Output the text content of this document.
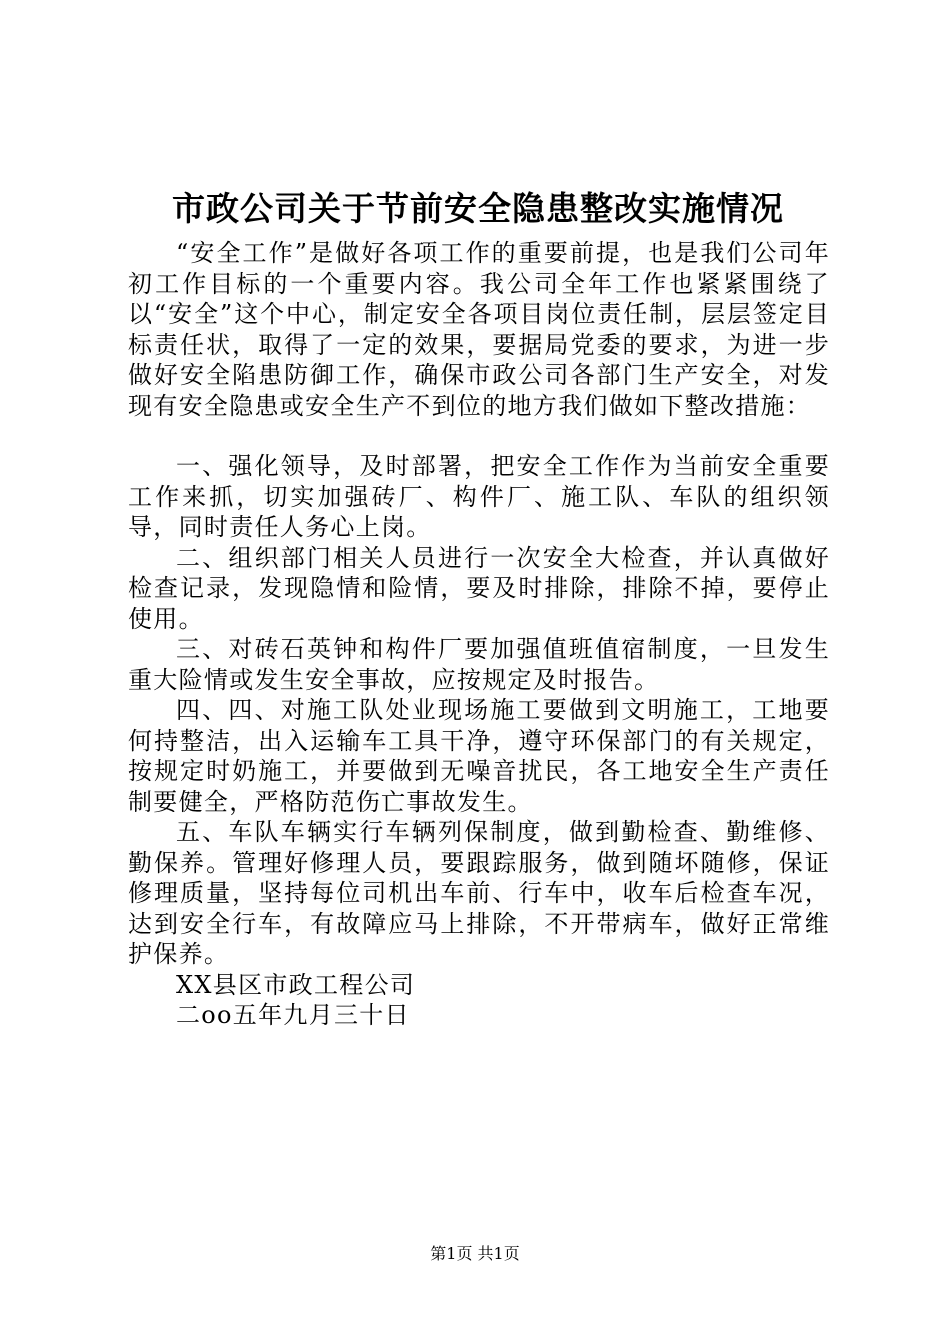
市政公司关于节前安全隐患整改实施情况

“安全工作”是做好各项工作的重要前提，也是我们公司年初工作目标的一个重要内容。我公司全年工作也紧紧围绕了以“安全”这个中心，制定安全各项目岗位责任制，层层签定目标责任状，取得了一定的效果，要据局党委的要求，为进一步做好安全陷患防御工作，确保市政公司各部门生产安全，对发现有安全隐患或安全生产不到位的地方我们做如下整改措施：

一、强化领导，及时部署，把安全工作作为当前安全重要工作来抓，切实加强砖厂、构件厂、施工队、车队的组织领导，同时责任人务心上岗。

二、组织部门相关人员进行一次安全大检查，并认真做好检查记录，发现隐情和险情，要及时排除，排除不掉，要停止使用。

三、对砖石英钟和构件厂要加强值班值宿制度，一旦发生重大险情或发生安全事故，应按规定及时报告。

四、四、对施工队处业现场施工要做到文明施工，工地要何持整洁，出入运输车工具干净，遵守环保部门的有关规定，按规定时奶施工，并要做到无噪音扰民，各工地安全生产责任制要健全，严格防范伤亡事故发生。

五、车队车辆实行车辆列保制度，做到勤检查、勤维修、勤保养。管理好修理人员，要跟踪服务，做到随坏随修，保证修理质量，坚持每位司机出车前、行车中，收车后检查车况，达到安全行车，有故障应马上排除，不开带病车，做好正常维护保养。

XX县区市政工程公司

二oo五年九月三十日

第1页 共1页
